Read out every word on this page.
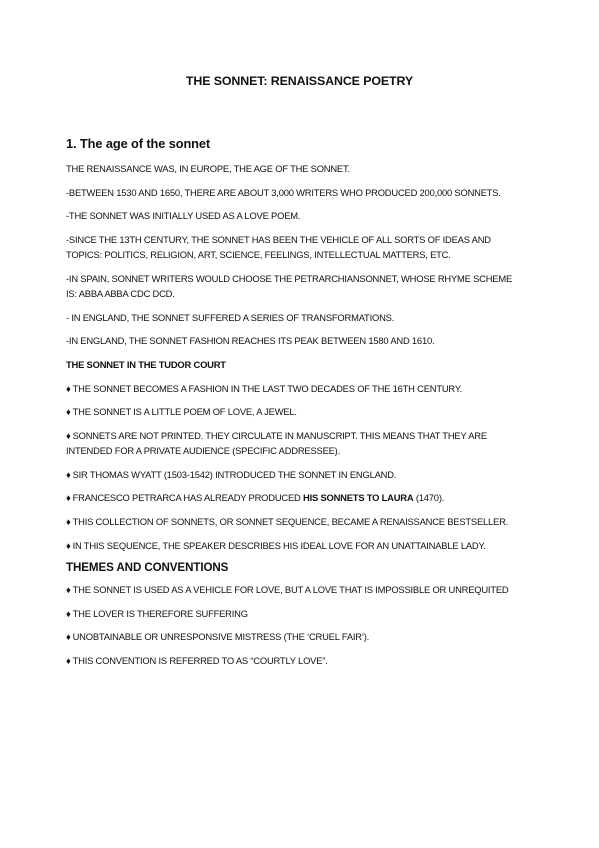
THE SONNET: RENAISSANCE POETRY
1. The age of the sonnet

THE RENAISSANCE WAS, IN EUROPE, THE AGE OF THE SONNET.

-BETWEEN 1530 AND 1650, THERE ARE ABOUT 3,000 WRITERS WHO PRODUCED 200,000 SONNETS.

-THE SONNET WAS INITIALLY USED AS A LOVE POEM.

-SINCE THE 13TH CENTURY, THE SONNET HAS BEEN THE VEHICLE OF ALL SORTS OF IDEAS AND TOPICS: POLITICS, RELIGION, ART, SCIENCE, FEELINGS, INTELLECTUAL MATTERS, ETC.

-IN SPAIN, SONNET WRITERS WOULD CHOOSE THE PETRARCHIANSONNET, WHOSE RHYME SCHEME IS: ABBA ABBA CDC DCD.

- IN ENGLAND, THE SONNET SUFFERED A SERIES OF TRANSFORMATIONS.

-IN ENGLAND, THE SONNET FASHION REACHES ITS PEAK BETWEEN 1580 AND 1610.

THE SONNET IN THE TUDOR COURT

♦ THE SONNET BECOMES A FASHION IN THE LAST TWO DECADES OF THE 16TH CENTURY.

♦ THE SONNET IS A LITTLE POEM OF LOVE, A JEWEL.

♦ SONNETS ARE NOT PRINTED. THEY CIRCULATE IN MANUSCRIPT. THIS MEANS THAT THEY ARE INTENDED FOR A PRIVATE AUDIENCE (SPECIFIC ADDRESSEE).

♦ SIR THOMAS WYATT (1503-1542) INTRODUCED THE SONNET IN ENGLAND.

♦ FRANCESCO PETRARCA HAS ALREADY PRODUCED HIS SONNETS TO LAURA (1470).

♦ THIS COLLECTION OF SONNETS, OR SONNET SEQUENCE, BECAME A RENAISSANCE BESTSELLER.

♦ IN THIS SEQUENCE, THE SPEAKER DESCRIBES HIS IDEAL LOVE FOR AN UNATTAINABLE LADY.

THEMES AND CONVENTIONS

♦ THE SONNET IS USED AS A VEHICLE FOR LOVE, BUT A LOVE THAT IS IMPOSSIBLE OR UNREQUITED

♦ THE LOVER IS THEREFORE SUFFERING

♦ UNOBTAINABLE OR UNRESPONSIVE MISTRESS (THE ‘CRUEL FAIR’).

♦ THIS CONVENTION IS REFERRED TO AS “COURTLY LOVE”.
